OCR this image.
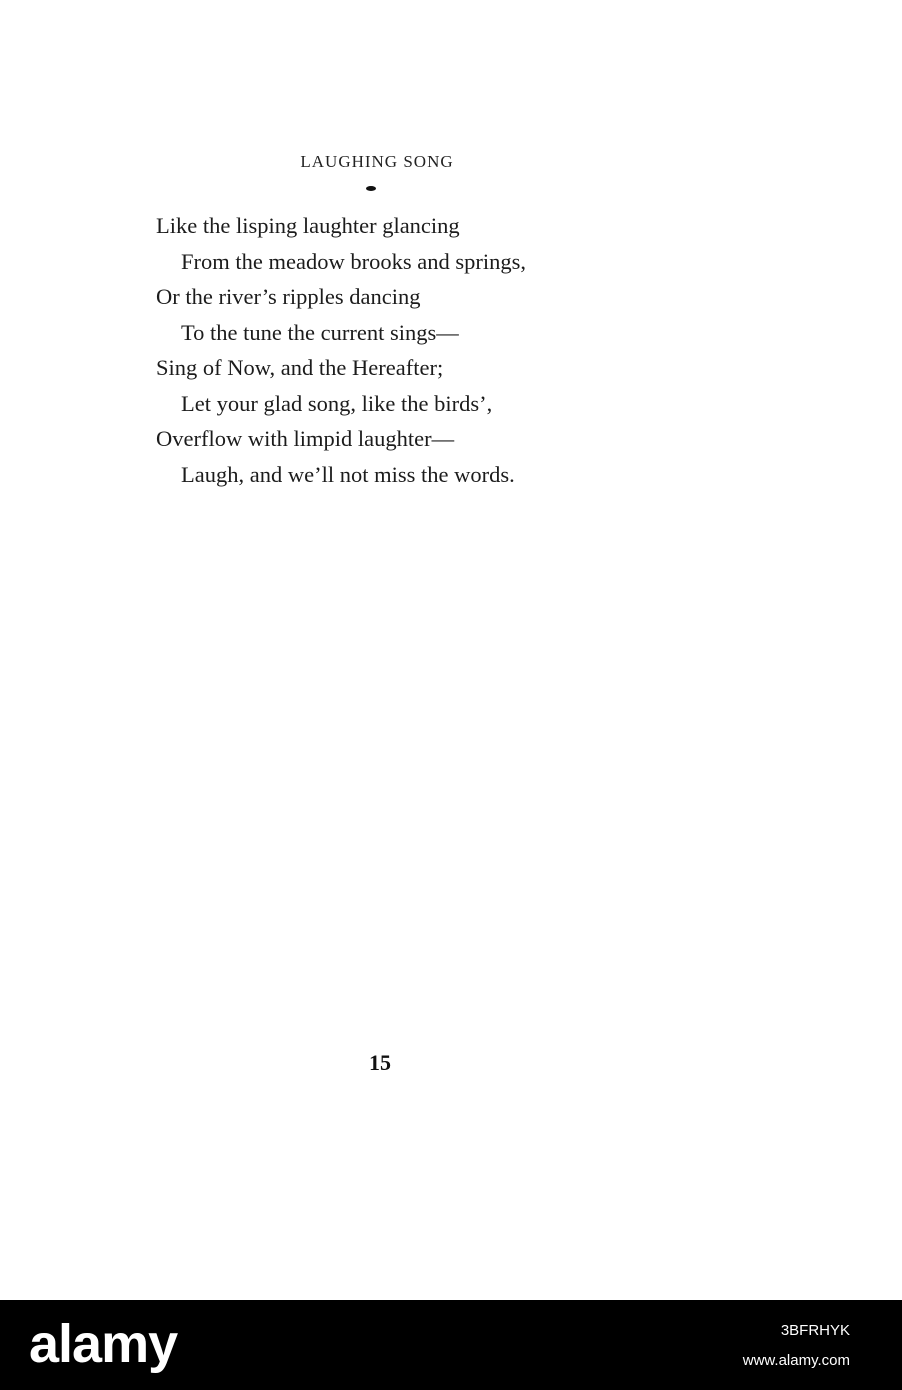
LAUGHING SONG
Like the lisping laughter glancing
From the meadow brooks and springs,
Or the river’s ripples dancing
To the tune the current sings—
Sing of Now, and the Hereafter;
Let your glad song, like the birds’,
Overflow with limpid laughter—
Laugh, and we’ll not miss the words.
15
alamy	3BFRHYK
www.alamy.com
